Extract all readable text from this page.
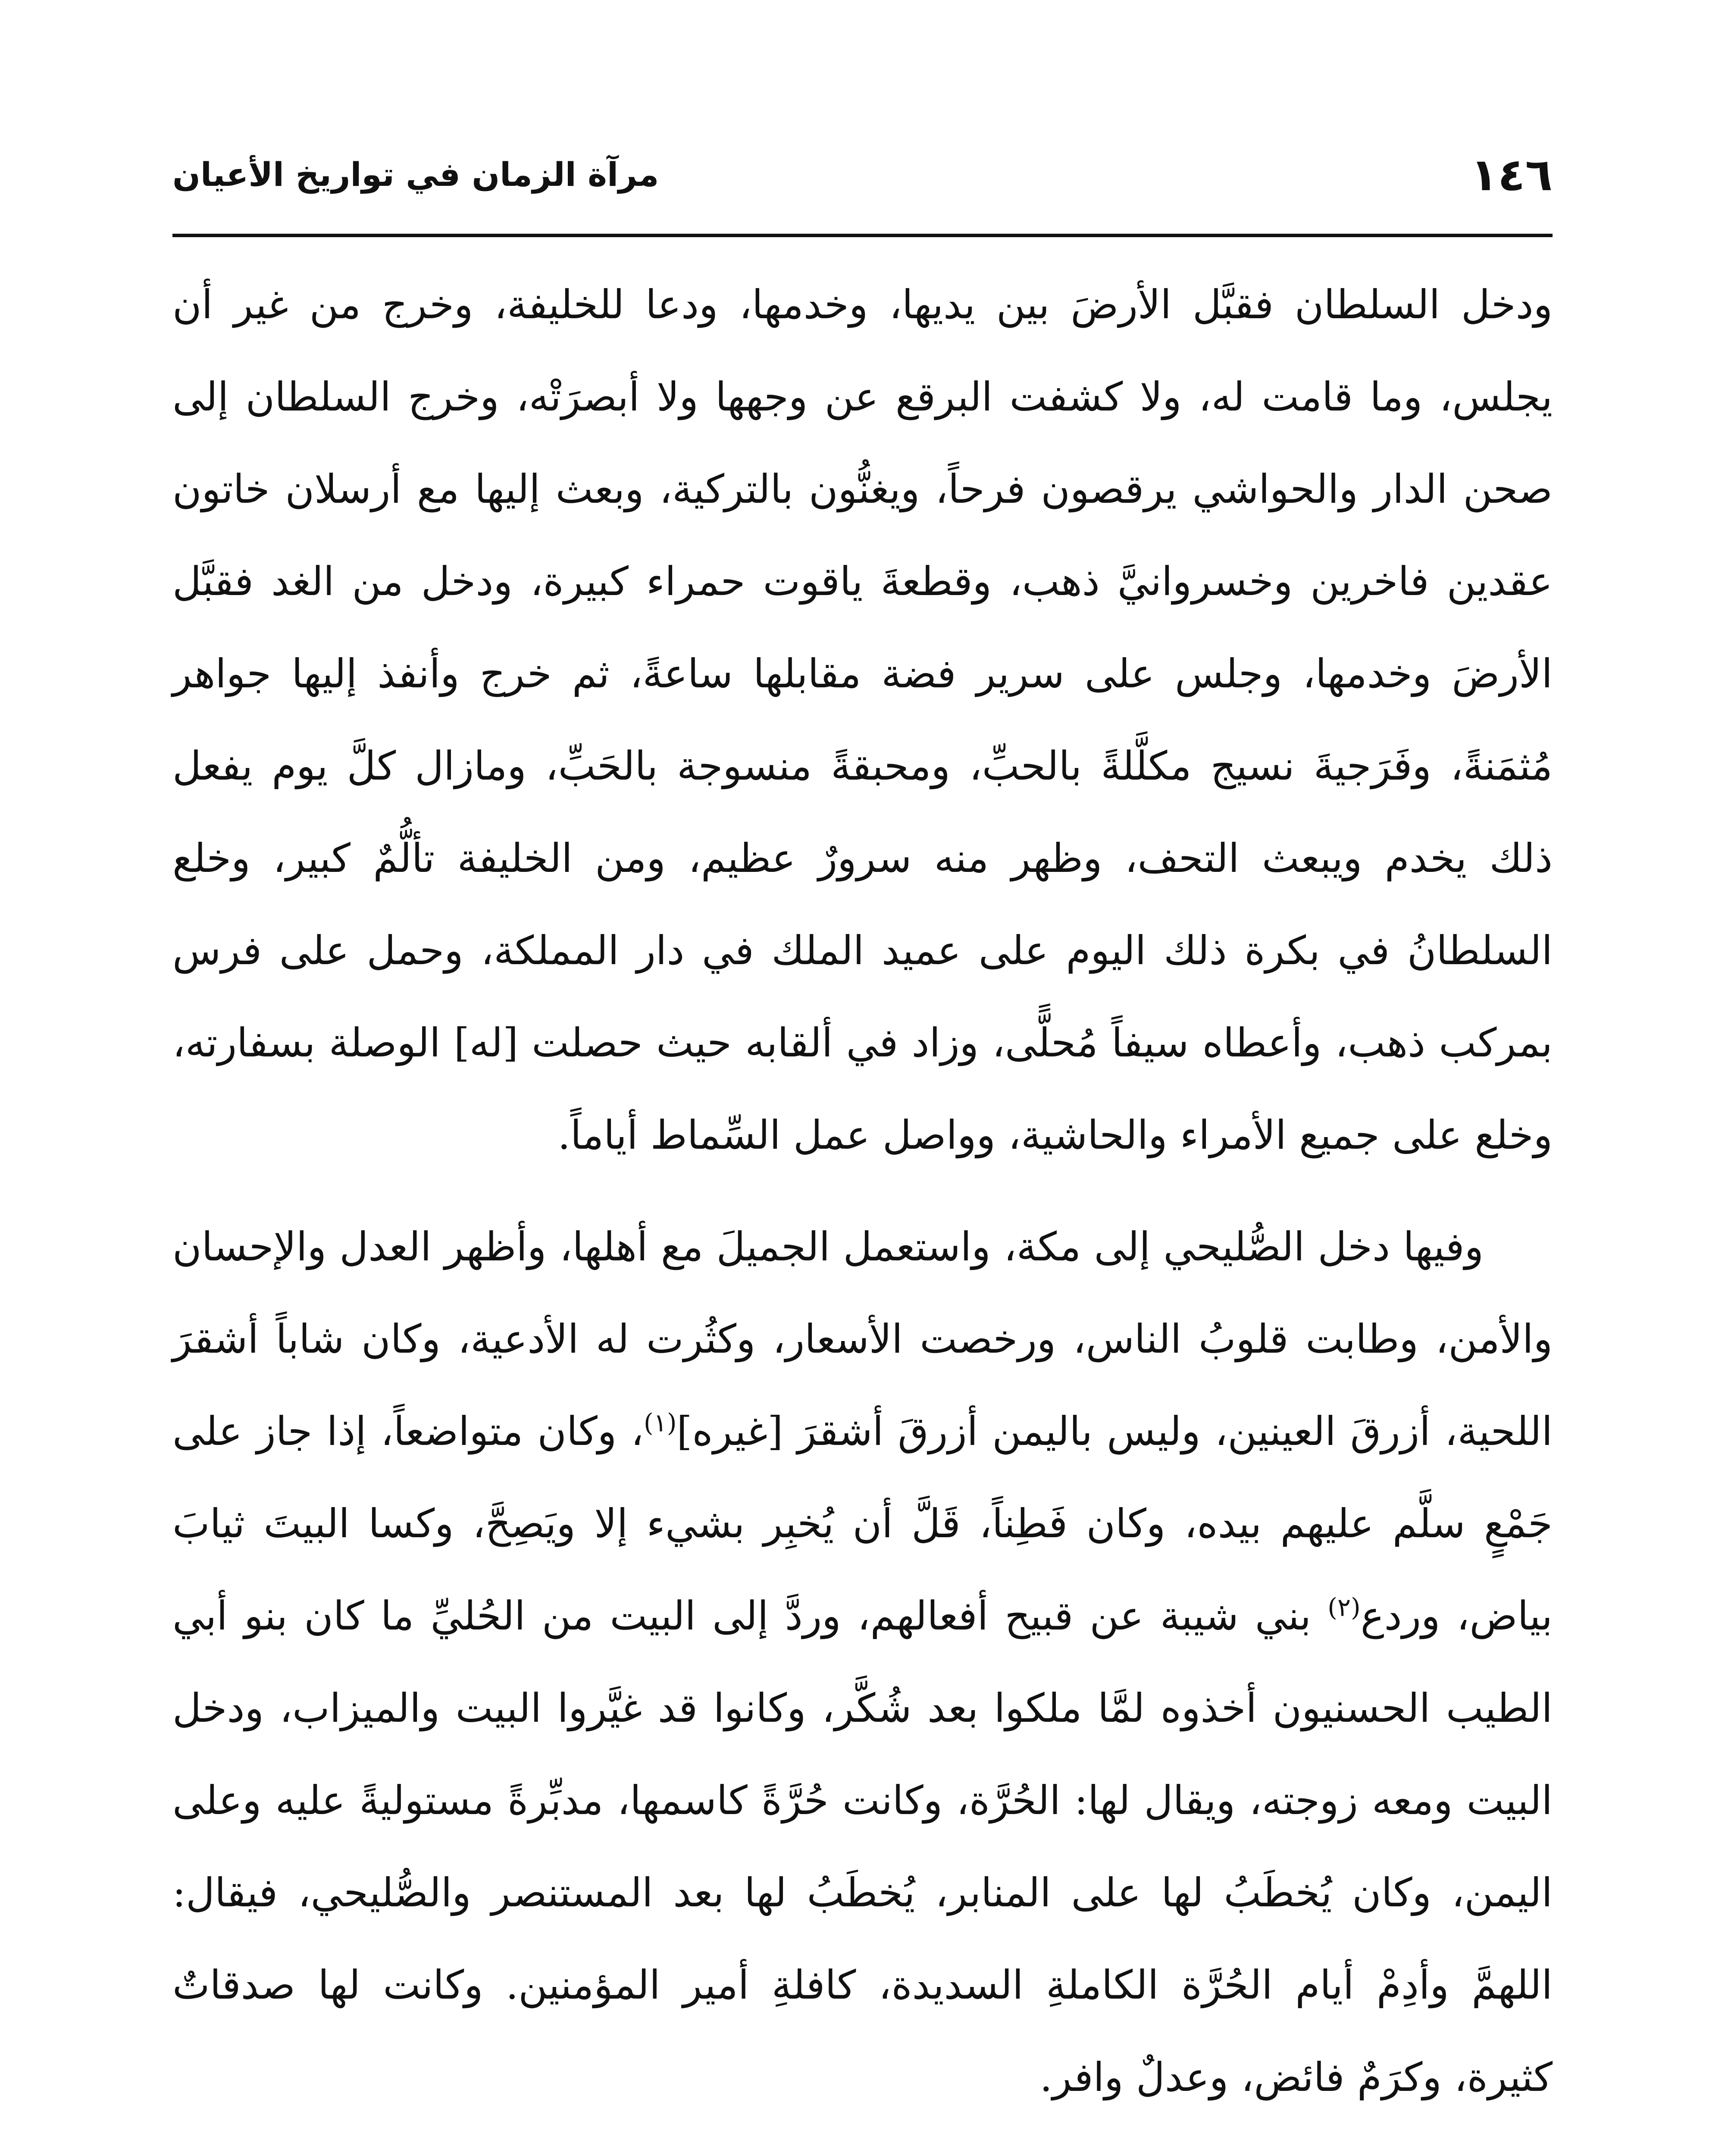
١٤٦
مرآة الزمان في تواريخ الأعيان

ودخل السلطان فقبَّل الأرضَ بين يديها، وخدمها، ودعا للخليفة، وخرج من غير أن يجلس، وما قامت له، ولا كشفت البرقع عن وجهها ولا أبصرَتْه، وخرج السلطان إلى صحن الدار والحواشي يرقصون فرحاً، ويغنُّون بالتركية، وبعث إليها مع أرسلان خاتون عقدين فاخرين وخسروانيَّ ذهب، وقطعةَ ياقوت حمراء كبيرة، ودخل من الغد فقبَّل الأرضَ وخدمها، وجلس على سرير فضة مقابلها ساعةً، ثم خرج وأنفذ إليها جواهر مُثمَنةً، وفَرَجيةَ نسيج مكلَّلةً بالحبِّ، ومحبقةً منسوجة بالحَبِّ، ومازال كلَّ يوم يفعل ذلك يخدم ويبعث التحف، وظهر منه سرورٌ عظيم، ومن الخليفة تألُّمٌ كبير، وخلع السلطانُ في بكرة ذلك اليوم على عميد الملك في دار المملكة، وحمل على فرس بمركب ذهب، وأعطاه سيفاً مُحلًّى، وزاد في ألقابه حيث حصلت [له] الوصلة بسفارته، وخلع على جميع الأمراء والحاشية، وواصل عمل السِّماط أياماً.

وفيها دخل الصُّليحي إلى مكة، واستعمل الجميلَ مع أهلها، وأظهر العدل والإحسان والأمن، وطابت قلوبُ الناس، ورخصت الأسعار، وكثُرت له الأدعية، وكان شاباً أشقرَ اللحية، أزرقَ العينين، وليس باليمن أزرقَ أشقرَ [غيره]$^{(١)}$، وكان متواضعاً، إذا جاز على جَمْعٍ سلَّم عليهم بيده، وكان فَطِناً، قَلَّ أن يُخبِر بشيء إلا ويَصِحَّ، وكسا البيتَ ثيابَ بياض، وردع$^{(٢)}$ بني شيبة عن قبيح أفعالهم، وردَّ إلى البيت من الحُليِّ ما كان بنو أبي الطيب الحسنيون أخذوه لمَّا ملكوا بعد شُكَّر، وكانوا قد غيَّروا البيت والميزاب، ودخل البيت ومعه زوجته، ويقال لها: الحُرَّة، وكانت حُرَّةً كاسمها، مدبِّرةً مستوليةً عليه وعلى اليمن، وكان يُخطَبُ لها على المنابر، يُخطَبُ لها بعد المستنصر والصُّليحي، فيقال: اللهمَّ وأدِمْ أيام الحُرَّة الكاملةِ السديدة، كافلةِ أمير المؤمنين. وكانت لها صدقاتٌ كثيرة، وكرَمٌ فائض، وعدلٌ وافر.
